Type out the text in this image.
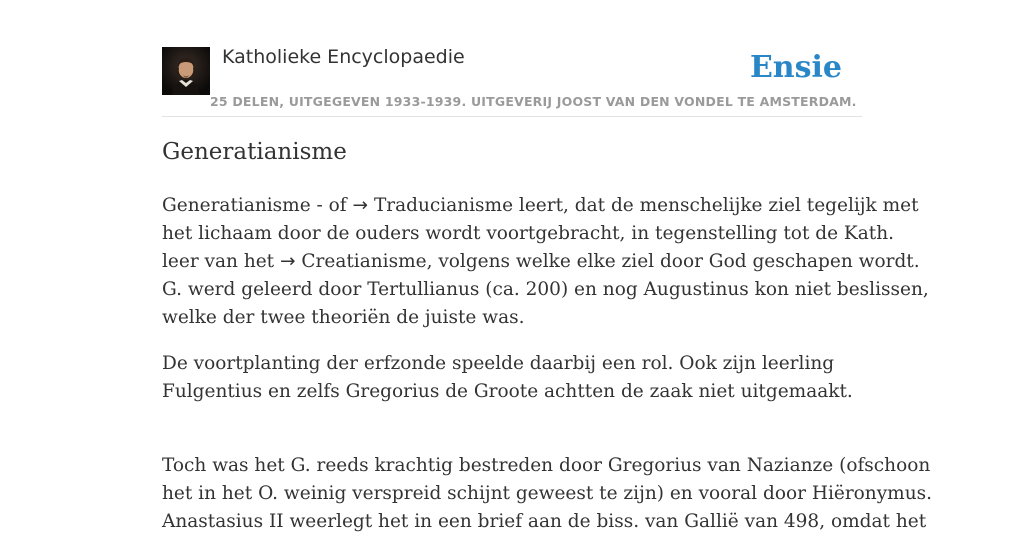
Katholieke Encyclopaedie	Ensie
25 DELEN, UITGEGEVEN 1933-1939. UITGEVERIJ JOOST VAN DEN VONDEL TE AMSTERDAM.
Generatianisme

Generatianisme - of → Traducianisme leert, dat de menschelijke ziel tegelijk met
het lichaam door de ouders wordt voortgebracht, in tegenstelling tot de Kath.
leer van het → Creatianisme, volgens welke elke ziel door God geschapen wordt.
G. werd geleerd door Tertullianus (ca. 200) en nog Augustinus kon niet beslissen,
welke der twee theoriën de juiste was.

De voortplanting der erfzonde speelde daarbij een rol. Ook zijn leerling
Fulgentius en zelfs Gregorius de Groote achtten de zaak niet uitgemaakt.

Toch was het G. reeds krachtig bestreden door Gregorius van Nazianze (ofschoon
het in het O. weinig verspreid schijnt geweest te zijn) en vooral door Hiëronymus.
Anastasius II weerlegt het in een brief aan de biss. van Gallië van 498, omdat het
